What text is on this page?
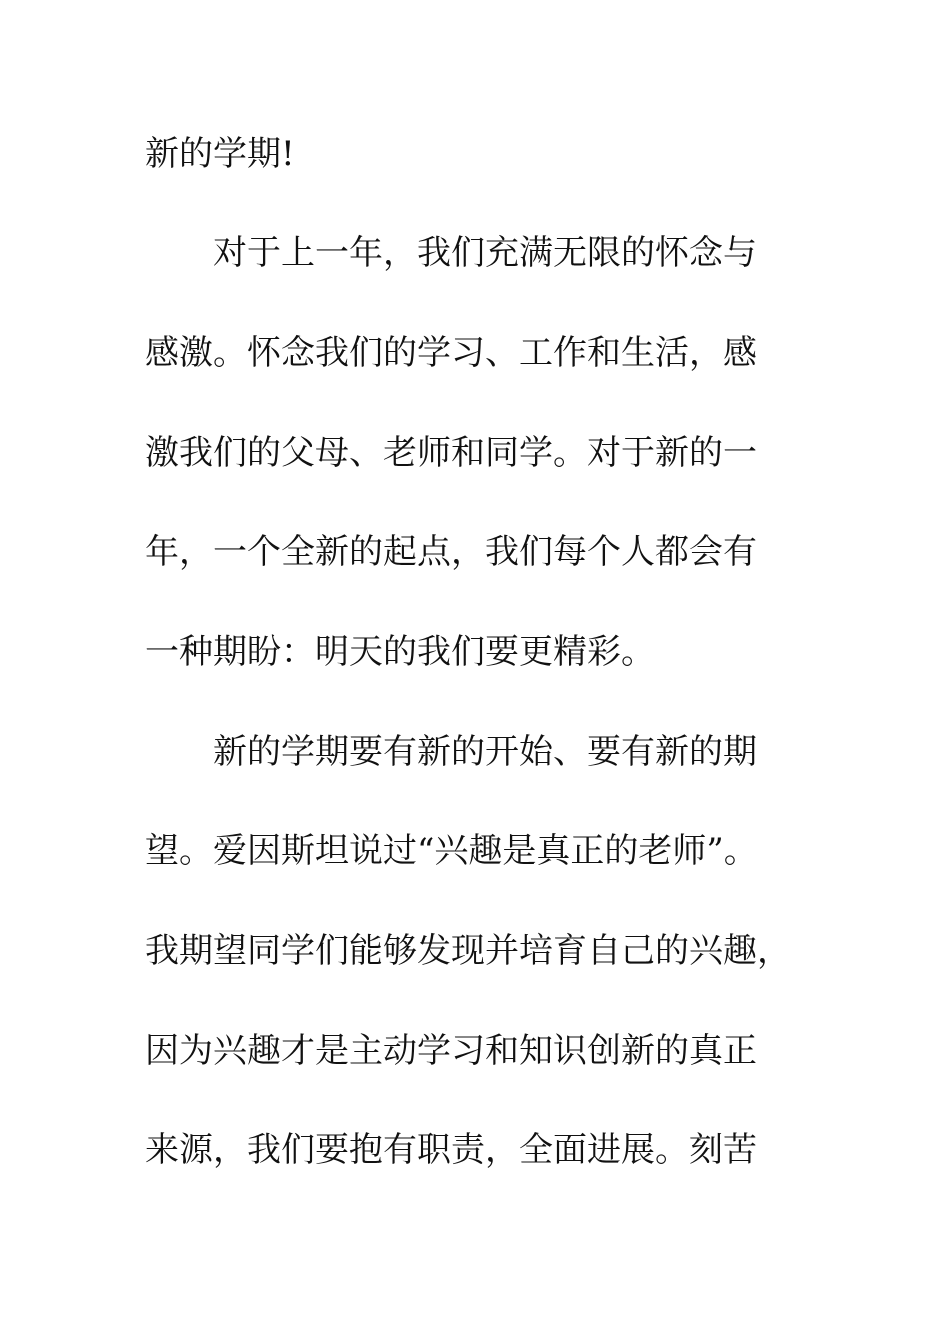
新的学期!
对于上一年，我们充满无限的怀念与
感激。怀念我们的学习、工作和生活，感
激我们的父母、老师和同学。对于新的一
年，一个全新的起点，我们每个人都会有
一种期盼：明天的我们要更精彩。
新的学期要有新的开始、要有新的期
望。爱因斯坦说过“兴趣是真正的老师”。
我期望同学们能够发现并培育自己的兴趣，
因为兴趣才是主动学习和知识创新的真正
来源，我们要抱有职责，全面进展。刻苦
